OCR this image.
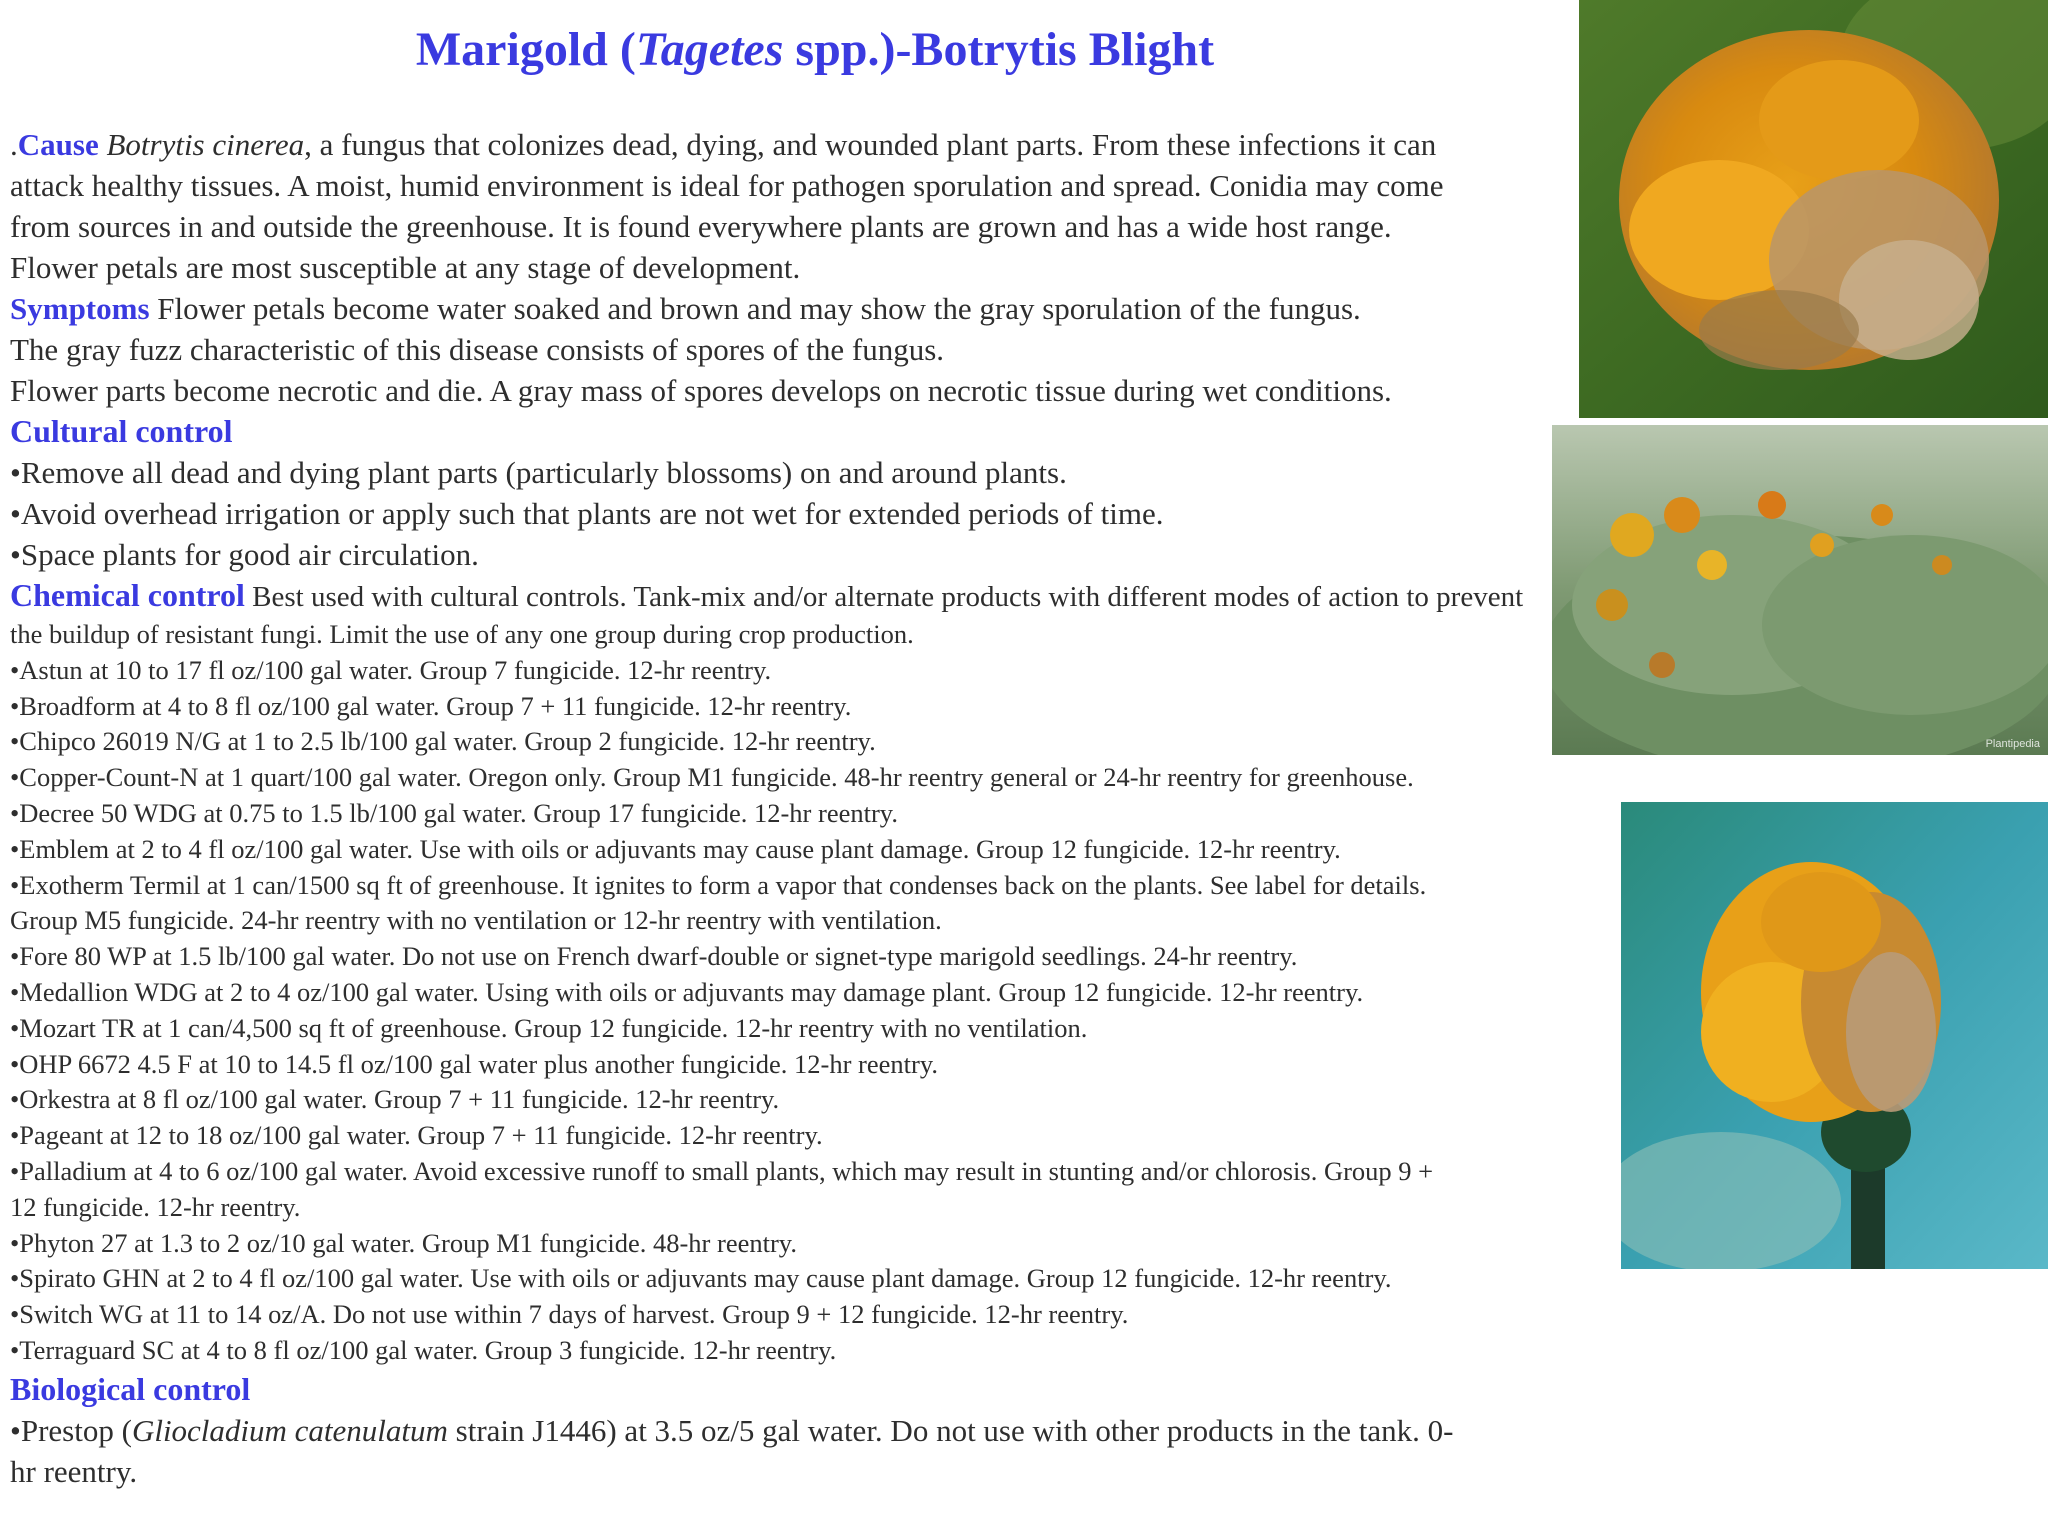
Marigold (Tagetes spp.)-Botrytis Blight
.Cause Botrytis cinerea, a fungus that colonizes dead, dying, and wounded plant parts. From these infections it can
attack healthy tissues. A moist, humid environment is ideal for pathogen sporulation and spread. Conidia may come
from sources in and outside the greenhouse. It is found everywhere plants are grown and has a wide host range.
Flower petals are most susceptible at any stage of development.
Symptoms Flower petals become water soaked and brown and may show the gray sporulation of the fungus.
The gray fuzz characteristic of this disease consists of spores of the fungus.
Flower parts become necrotic and die. A gray mass of spores develops on necrotic tissue during wet conditions.
Cultural control
•Remove all dead and dying plant parts (particularly blossoms) on and around plants.
•Avoid overhead irrigation or apply such that plants are not wet for extended periods of time.
•Space plants for good air circulation.
Chemical control Best used with cultural controls. Tank-mix and/or alternate products with different modes of action to prevent
the buildup of resistant fungi. Limit the use of any one group during crop production.
•Astun at 10 to 17 fl oz/100 gal water. Group 7 fungicide. 12-hr reentry.
•Broadform at 4 to 8 fl oz/100 gal water. Group 7 + 11 fungicide. 12-hr reentry.
•Chipco 26019 N/G at 1 to 2.5 lb/100 gal water. Group 2 fungicide. 12-hr reentry.
•Copper-Count-N at 1 quart/100 gal water. Oregon only. Group M1 fungicide. 48-hr reentry general or 24-hr reentry for greenhouse.
•Decree 50 WDG at 0.75 to 1.5 lb/100 gal water. Group 17 fungicide. 12-hr reentry.
•Emblem at 2 to 4 fl oz/100 gal water. Use with oils or adjuvants may cause plant damage. Group 12 fungicide. 12-hr reentry.
•Exotherm Termil at 1 can/1500 sq ft of greenhouse. It ignites to form a vapor that condenses back on the plants. See label for details.
Group M5 fungicide. 24-hr reentry with no ventilation or 12-hr reentry with ventilation.
•Fore 80 WP at 1.5 lb/100 gal water. Do not use on French dwarf-double or signet-type marigold seedlings. 24-hr reentry.
•Medallion WDG at 2 to 4 oz/100 gal water. Using with oils or adjuvants may damage plant. Group 12 fungicide. 12-hr reentry.
•Mozart TR at 1 can/4,500 sq ft of greenhouse. Group 12 fungicide. 12-hr reentry with no ventilation.
•OHP 6672 4.5 F at 10 to 14.5 fl oz/100 gal water plus another fungicide. 12-hr reentry.
•Orkestra at 8 fl oz/100 gal water. Group 7 + 11 fungicide. 12-hr reentry.
•Pageant at 12 to 18 oz/100 gal water. Group 7 + 11 fungicide. 12-hr reentry.
•Palladium at 4 to 6 oz/100 gal water. Avoid excessive runoff to small plants, which may result in stunting and/or chlorosis. Group 9 +
12 fungicide. 12-hr reentry.
•Phyton 27 at 1.3 to 2 oz/10 gal water. Group M1 fungicide. 48-hr reentry.
•Spirato GHN at 2 to 4 fl oz/100 gal water. Use with oils or adjuvants may cause plant damage. Group 12 fungicide. 12-hr reentry.
•Switch WG at 11 to 14 oz/A. Do not use within 7 days of harvest. Group 9 + 12 fungicide. 12-hr reentry.
•Terraguard SC at 4 to 8 fl oz/100 gal water. Group 3 fungicide. 12-hr reentry.
Biological control
•Prestop (Gliocladium catenulatum strain J1446) at 3.5 oz/5 gal water. Do not use with other products in the tank. 0-
hr reentry.
Plantipedia
